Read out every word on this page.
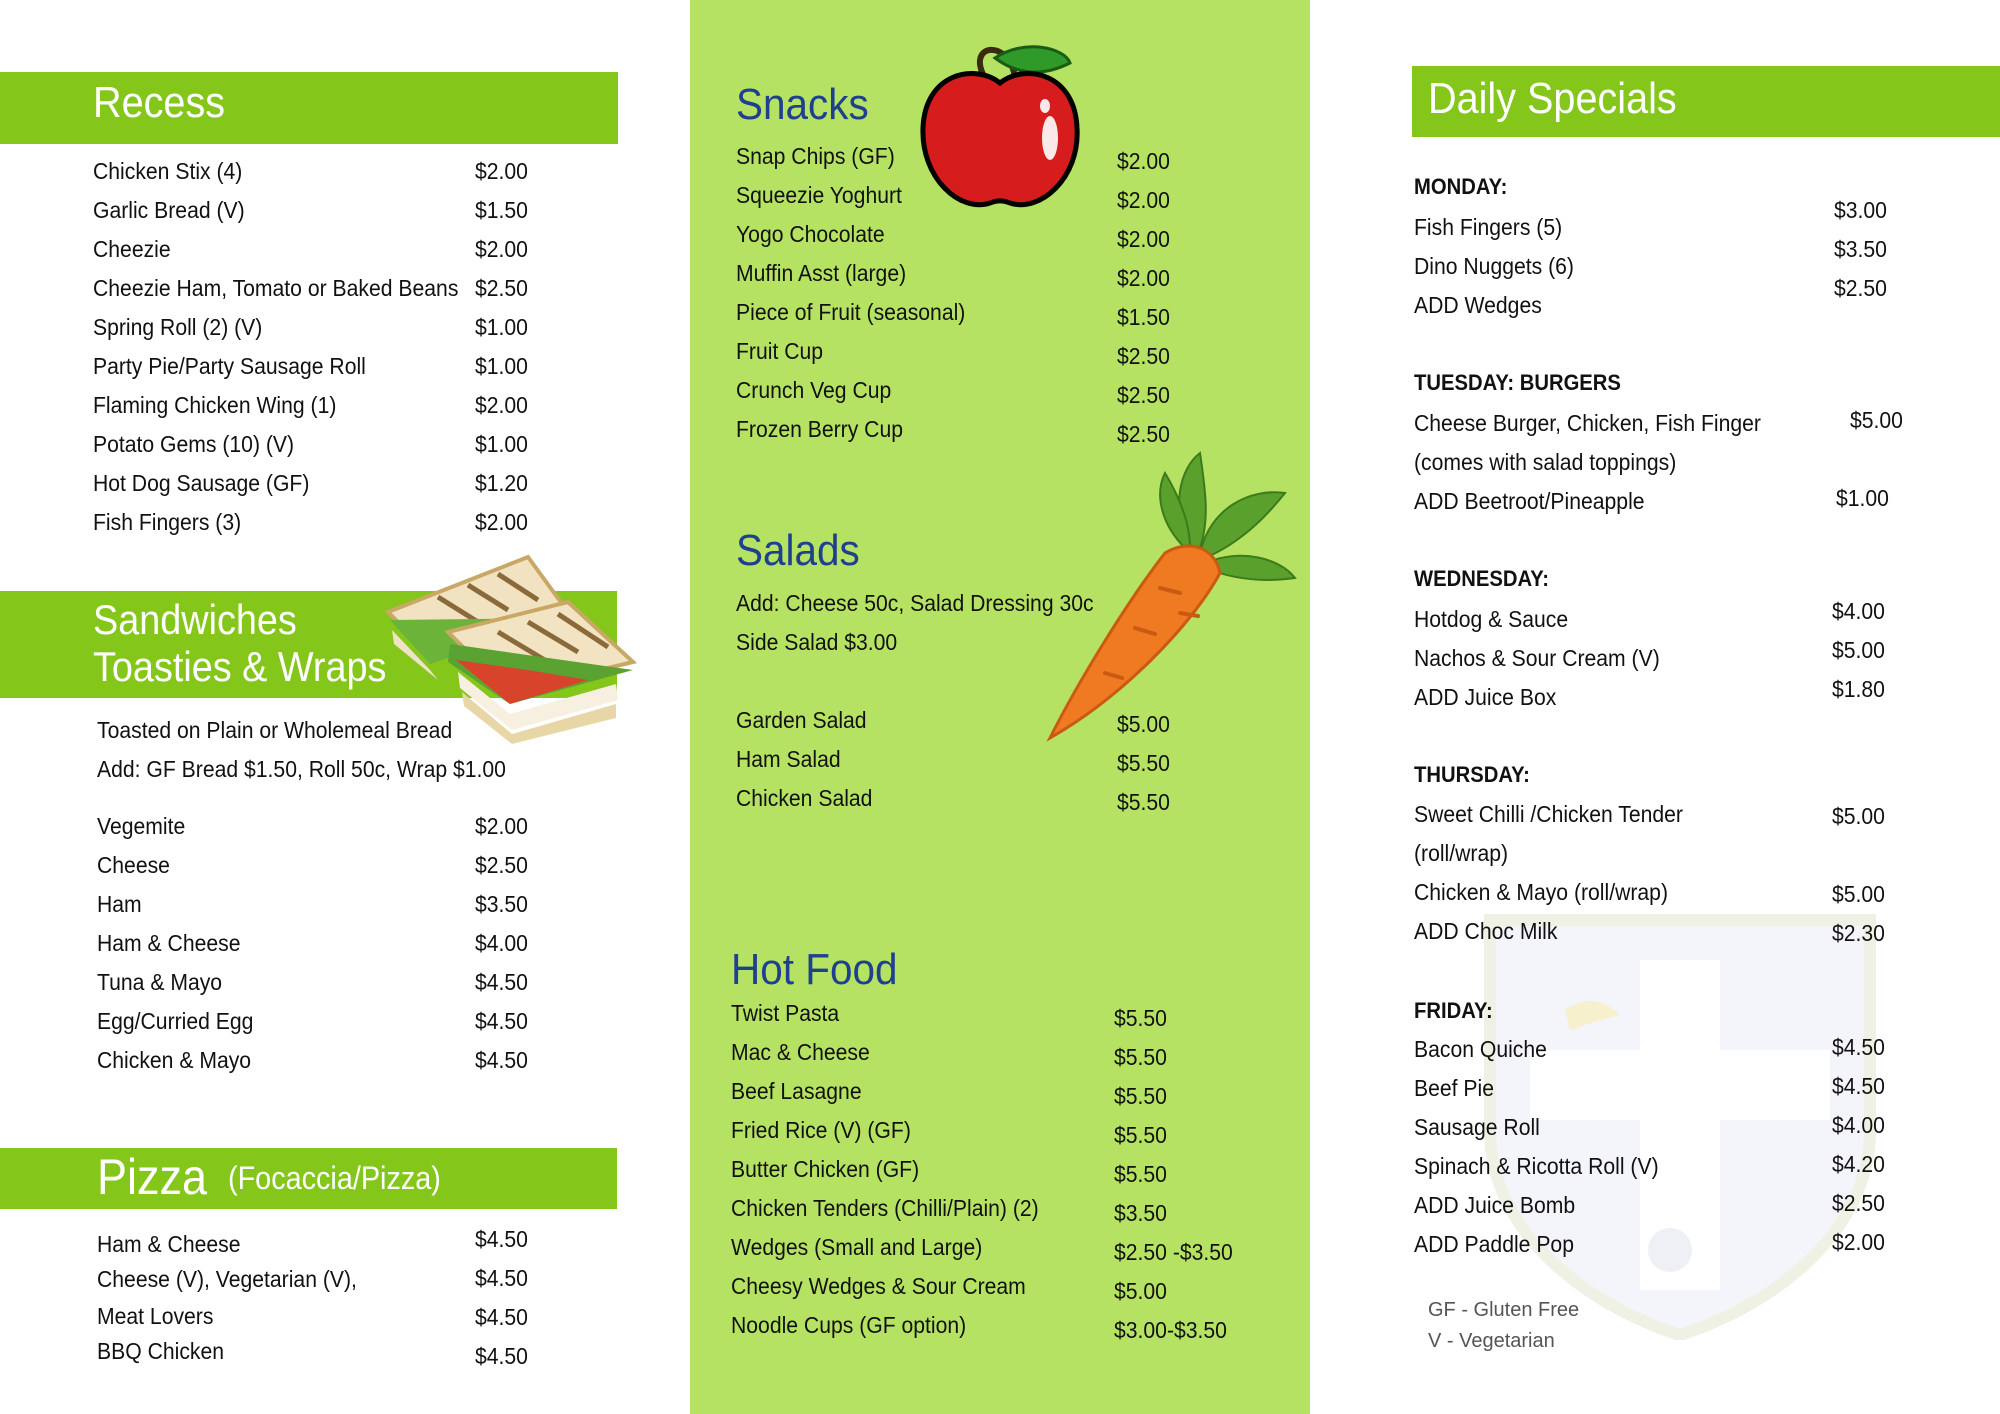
Recess
Chicken Stix (4)	$2.00
Garlic Bread (V)	$1.50
Cheezie	$2.00
Cheezie Ham, Tomato or Baked Beans $2.50
Spring Roll (2) (V)	$1.00
Party Pie/Party Sausage Roll	$1.00
Flaming Chicken Wing (1)	$2.00
Potato Gems (10) (V)	$1.00
Hot Dog Sausage (GF)	$1.20
Fish Fingers (3)	$2.00
Sandwiches
Toasties & Wraps
Toasted on Plain or Wholemeal Bread
Add: GF Bread $1.50, Roll 50c, Wrap $1.00
Vegemite	$2.00
Cheese	$2.50
Ham	$3.50
Ham & Cheese	$4.00
Tuna & Mayo	$4.50
Egg/Curried Egg	$4.50
Chicken & Mayo	$4.50
Pizza (Focaccia/Pizza)
Ham & Cheese	$4.50
Cheese (V), Vegetarian (V),	$4.50
Meat Lovers	$4.50
BBQ Chicken	$4.50
Snacks
Snap Chips (GF)	$2.00
Squeezie Yoghurt	$2.00
Yogo Chocolate	$2.00
Muffin Asst (large)	$2.00
Piece of Fruit (seasonal)	$1.50
Fruit Cup	$2.50
Crunch Veg Cup	$2.50
Frozen Berry Cup	$2.50
Salads
Add: Cheese 50c, Salad Dressing 30c
Side Salad $3.00
Garden Salad	$5.00
Ham Salad	$5.50
Chicken Salad	$5.50
Hot Food
Twist Pasta	$5.50
Mac & Cheese	$5.50
Beef Lasagne	$5.50
Fried Rice (V) (GF)	$5.50
Butter Chicken (GF)	$5.50
Chicken Tenders (Chilli/Plain) (2)	$3.50
Wedges (Small and Large)	$2.50 -$3.50
Cheesy Wedges & Sour Cream	$5.00
Noodle Cups (GF option)	$3.00-$3.50
Daily Specials
MONDAY:
Fish Fingers (5)
$3.00
Dino Nuggets (6)
$3.50
ADD Wedges
$2.50
TUESDAY: BURGERS
Cheese Burger, Chicken, Fish Finger	$5.00
(comes with salad toppings)
ADD Beetroot/Pineapple	$1.00
WEDNESDAY:
Hotdog & Sauce	$4.00
Nachos & Sour Cream (V)	$5.00
ADD Juice Box	$1.80
THURSDAY:
Sweet Chilli /Chicken Tender	$5.00
(roll/wrap)
Chicken & Mayo (roll/wrap)	$5.00
ADD Choc Milk	$2.30
FRIDAY:
Bacon Quiche	$4.50
Beef Pie	$4.50
Sausage Roll	$4.00
Spinach & Ricotta Roll (V)	$4.20
ADD Juice Bomb	$2.50
ADD Paddle Pop	$2.00
GF - Gluten Free
V - Vegetarian
